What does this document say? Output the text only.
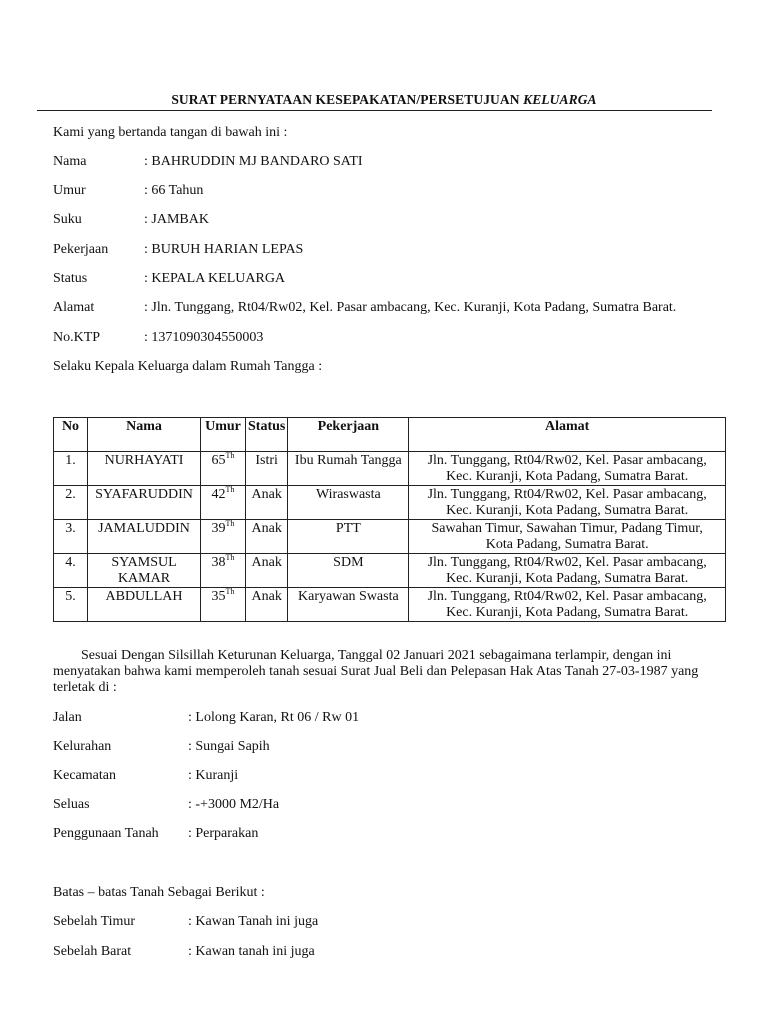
SURAT PERNYATAAN KESEPAKATAN/PERSETUJUAN KELUARGA
Kami yang bertanda tangan di bawah ini :
Nama	: BAHRUDDIN MJ BANDARO SATI
Umur	: 66 Tahun
Suku	: JAMBAK
Pekerjaan	: BURUH HARIAN LEPAS
Status	: KEPALA KELUARGA
Alamat	: Jln. Tunggang, Rt04/Rw02, Kel. Pasar ambacang, Kec. Kuranji, Kota Padang, Sumatra Barat.
No.KTP	: 1371090304550003
Selaku Kepala Keluarga dalam Rumah Tangga :
No	Nama	Umur	Status	Pekerjaan	Alamat
1.	NURHAYATI	65Th	Istri	Ibu Rumah Tangga	Jln. Tunggang, Rt04/Rw02, Kel. Pasar ambacang,
Kec. Kuranji, Kota Padang, Sumatra Barat.

2.	SYAFARUDDIN	42Th	Anak	Wiraswasta	Jln. Tunggang, Rt04/Rw02, Kel. Pasar ambacang,
Kec. Kuranji, Kota Padang, Sumatra Barat.

3.	JAMALUDDIN	39Th	Anak	PTT	Sawahan Timur, Sawahan Timur, Padang Timur,
Kota Padang, Sumatra Barat.

4.	SYAMSUL KAMAR	38Th	Anak	SDM	Jln. Tunggang, Rt04/Rw02, Kel. Pasar ambacang,
Kec. Kuranji, Kota Padang, Sumatra Barat.

5.	ABDULLAH	35Th	Anak	Karyawan Swasta	Jln. Tunggang, Rt04/Rw02, Kel. Pasar ambacang,
Kec. Kuranji, Kota Padang, Sumatra Barat.
Sesuai Dengan Silsillah Keturunan Keluarga, Tanggal 02 Januari 2021 sebagaimana terlampir, dengan ini menyatakan bahwa kami memperoleh tanah sesuai Surat Jual Beli dan Pelepasan Hak Atas Tanah 27-03-1987 yang terletak di :
Jalan	: Lolong Karan, Rt 06 / Rw 01
Kelurahan	: Sungai Sapih
Kecamatan	: Kuranji
Seluas	: -+3000 M2/Ha
Penggunaan Tanah : Perparakan
Batas – batas Tanah Sebagai Berikut :
Sebelah Timur	: Kawan Tanah ini juga
Sebelah Barat	: Kawan tanah ini juga
